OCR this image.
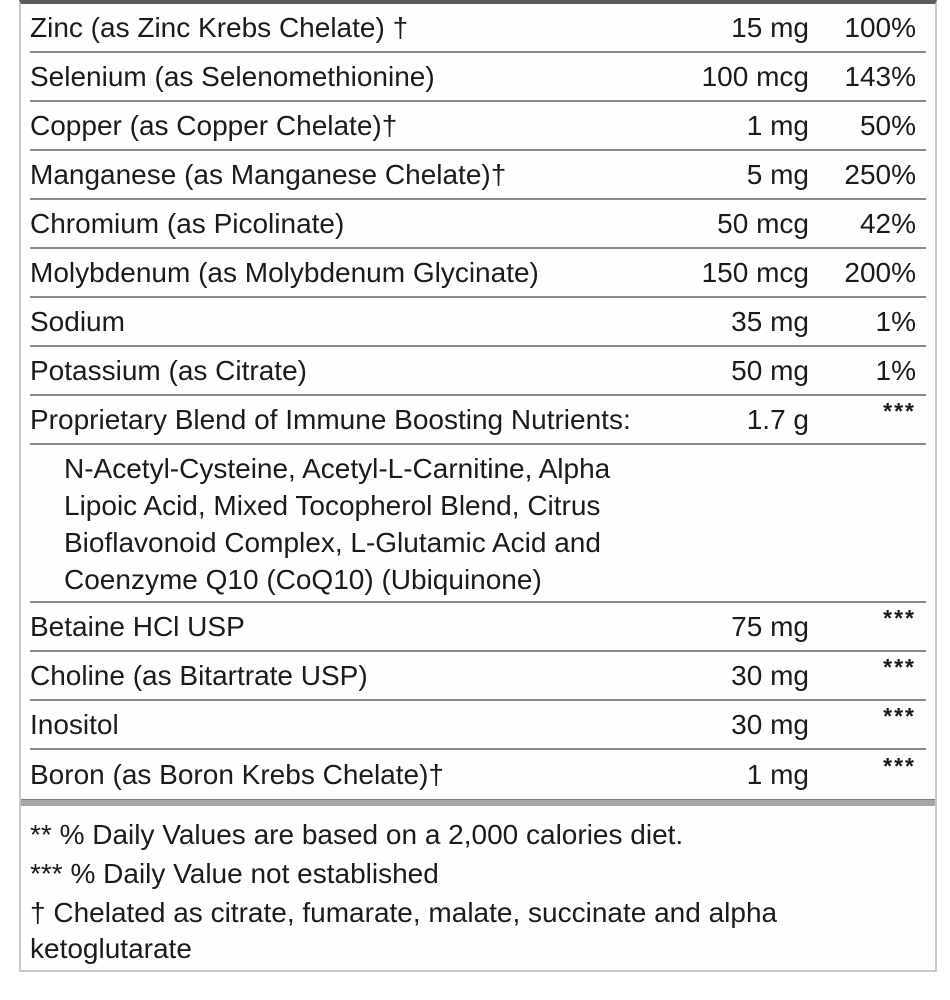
Zinc (as Zinc Krebs Chelate) †	15 mg	100%
Selenium (as Selenomethionine)	100 mcg	143%
Copper (as Copper Chelate)†	1 mg	50%
Manganese (as Manganese Chelate)†	5 mg	250%
Chromium (as Picolinate)	50 mcg	42%
Molybdenum (as Molybdenum Glycinate)	150 mcg	200%
Sodium	35 mg	1%
Potassium (as Citrate)	50 mg	1%
Proprietary Blend of Immune Boosting Nutrients:	1.7 g	***
N-Acetyl-Cysteine, Acetyl-L-Carnitine, Alpha Lipoic Acid, Mixed Tocopherol Blend, Citrus Bioflavonoid Complex, L-Glutamic Acid and Coenzyme Q10 (CoQ10) (Ubiquinone)
Betaine HCl USP	75 mg	***
Choline (as Bitartrate USP)	30 mg	***
Inositol	30 mg	***
Boron (as Boron Krebs Chelate)†	1 mg	***
** % Daily Values are based on a 2,000 calories diet.
*** % Daily Value not established
† Chelated as citrate, fumarate, malate, succinate and alpha ketoglutarate
